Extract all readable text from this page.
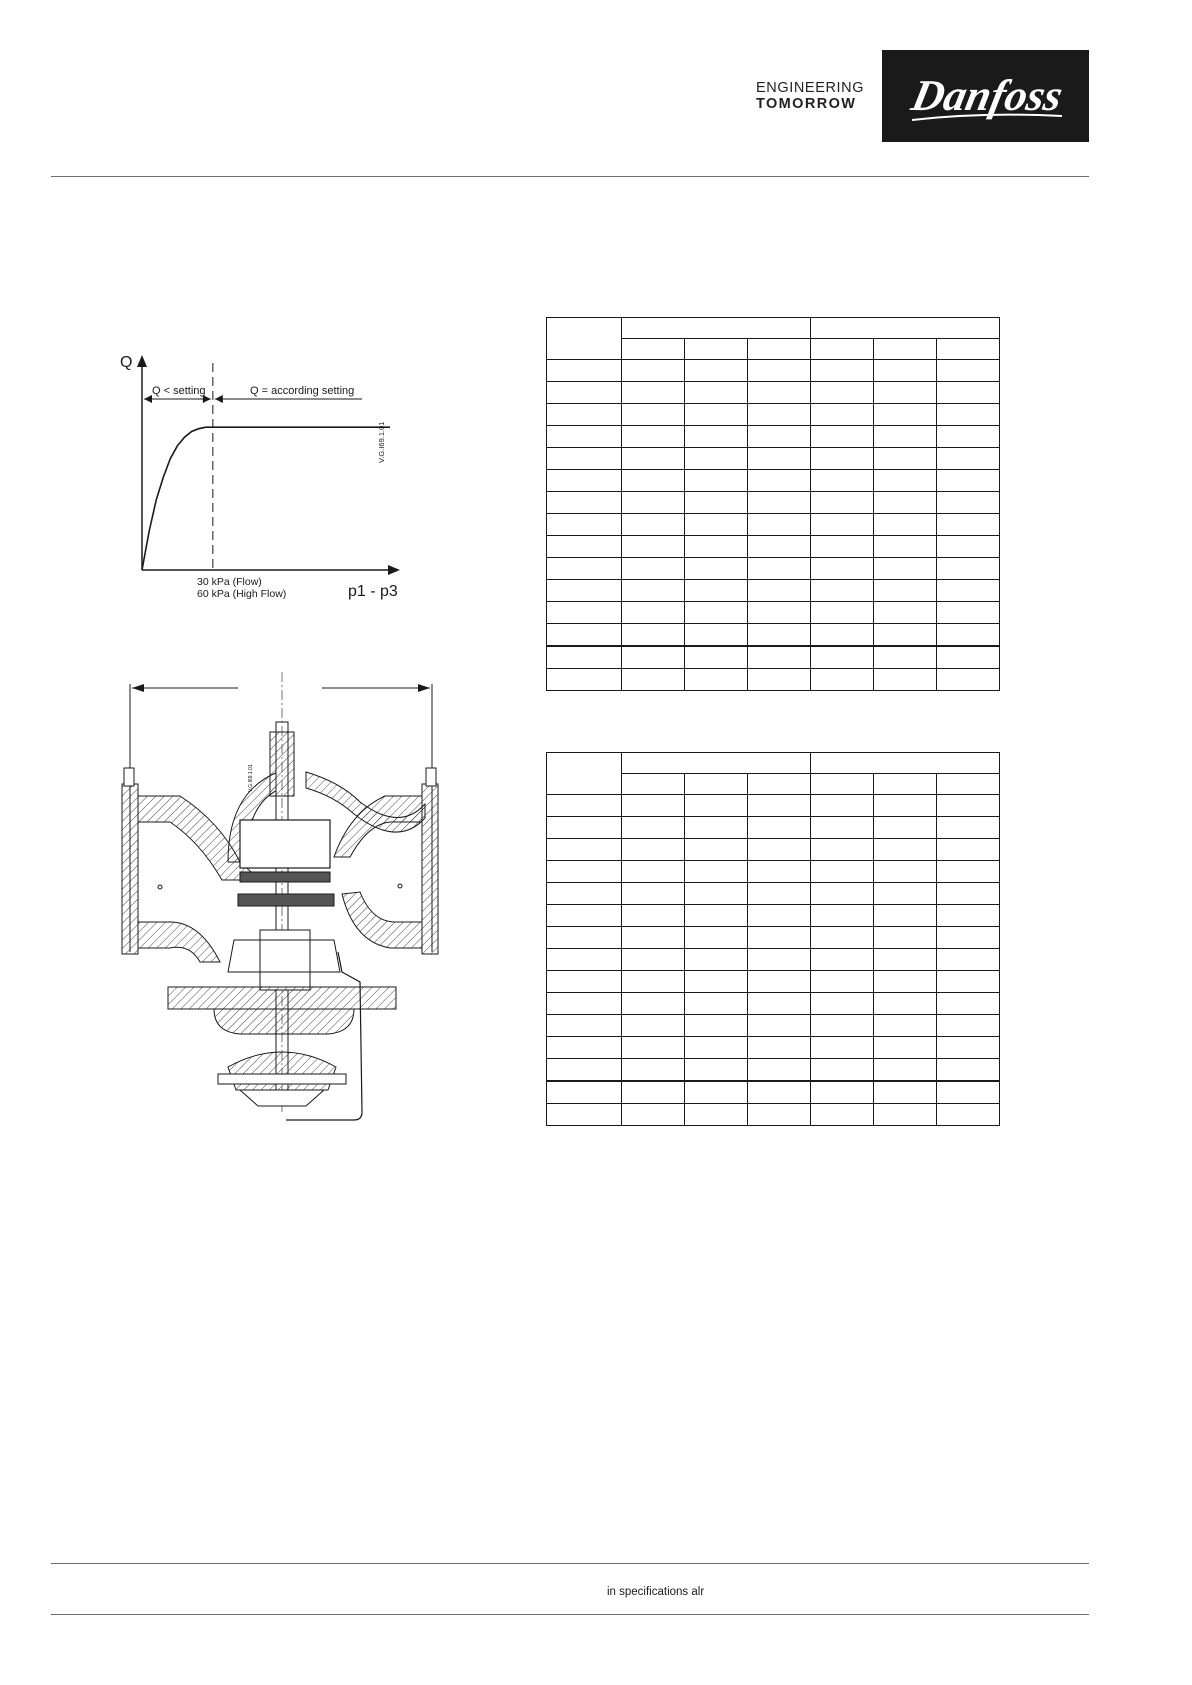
ENGINEERING
TOMORROW	Danfoss
Q
p1 - p3
Q < setting	Q = according setting
30 kPa (Flow)
60 kPa (High Flow)
V.G.I69.1.01
V.G.I69.1.01

in specifications alr
